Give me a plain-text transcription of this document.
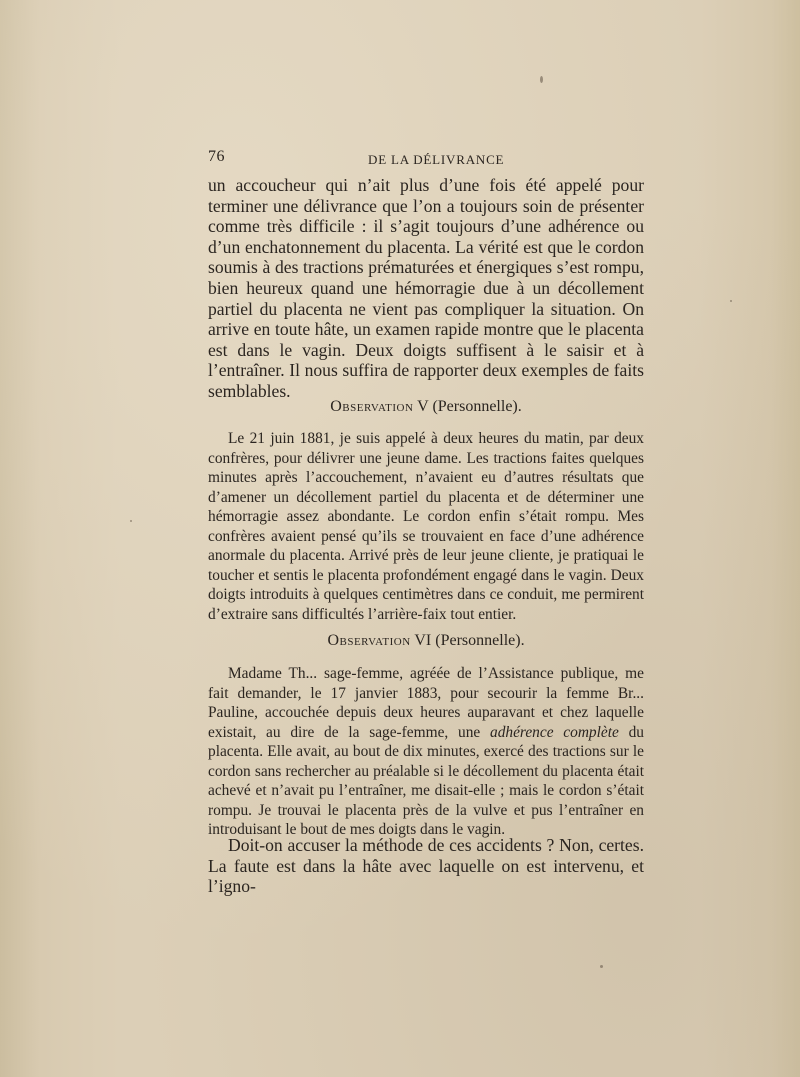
76	DE LA DÉLIVRANCE
un accoucheur qui n’ait plus d’une fois été appelé pour terminer une délivrance que l’on a toujours soin de présenter comme très difficile : il s’agit toujours d’une adhérence ou d’un enchatonnement du placenta. La vérité est que le cordon soumis à des tractions prématurées et énergiques s’est rompu, bien heureux quand une hémorragie due à un décollement partiel du placenta ne vient pas compliquer la situation. On arrive en toute hâte, un examen rapide montre que le placenta est dans le vagin. Deux doigts suffisent à le saisir et à l’entraîner. Il nous suffira de rapporter deux exemples de faits semblables.
Observation V (Personnelle).
Le 21 juin 1881, je suis appelé à deux heures du matin, par deux confrères, pour délivrer une jeune dame. Les tractions faites quelques minutes après l’accouchement, n’avaient eu d’autres résultats que d’amener un décollement partiel du placenta et de déterminer une hémorragie assez abondante. Le cordon enfin s’était rompu. Mes confrères avaient pensé qu’ils se trouvaient en face d’une adhérence anormale du placenta. Arrivé près de leur jeune cliente, je pratiquai le toucher et sentis le placenta profondément engagé dans le vagin. Deux doigts introduits à quelques centimètres dans ce conduit, me permirent d’extraire sans difficultés l’arrière-faix tout entier.
Observation VI (Personnelle).
Madame Th... sage-femme, agréée de l’Assistance publique, me fait demander, le 17 janvier 1883, pour secourir la femme Br... Pauline, accouchée depuis deux heures auparavant et chez laquelle existait, au dire de la sage-femme, une adhérence complète du placenta. Elle avait, au bout de dix minutes, exercé des tractions sur le cordon sans rechercher au préalable si le décollement du placenta était achevé et n’avait pu l’entraîner, me disait-elle ; mais le cordon s’était rompu. Je trouvai le placenta près de la vulve et pus l’entraîner en introduisant le bout de mes doigts dans le vagin.
Doit-on accuser la méthode de ces accidents ? Non, certes. La faute est dans la hâte avec laquelle on est intervenu, et l’igno-
